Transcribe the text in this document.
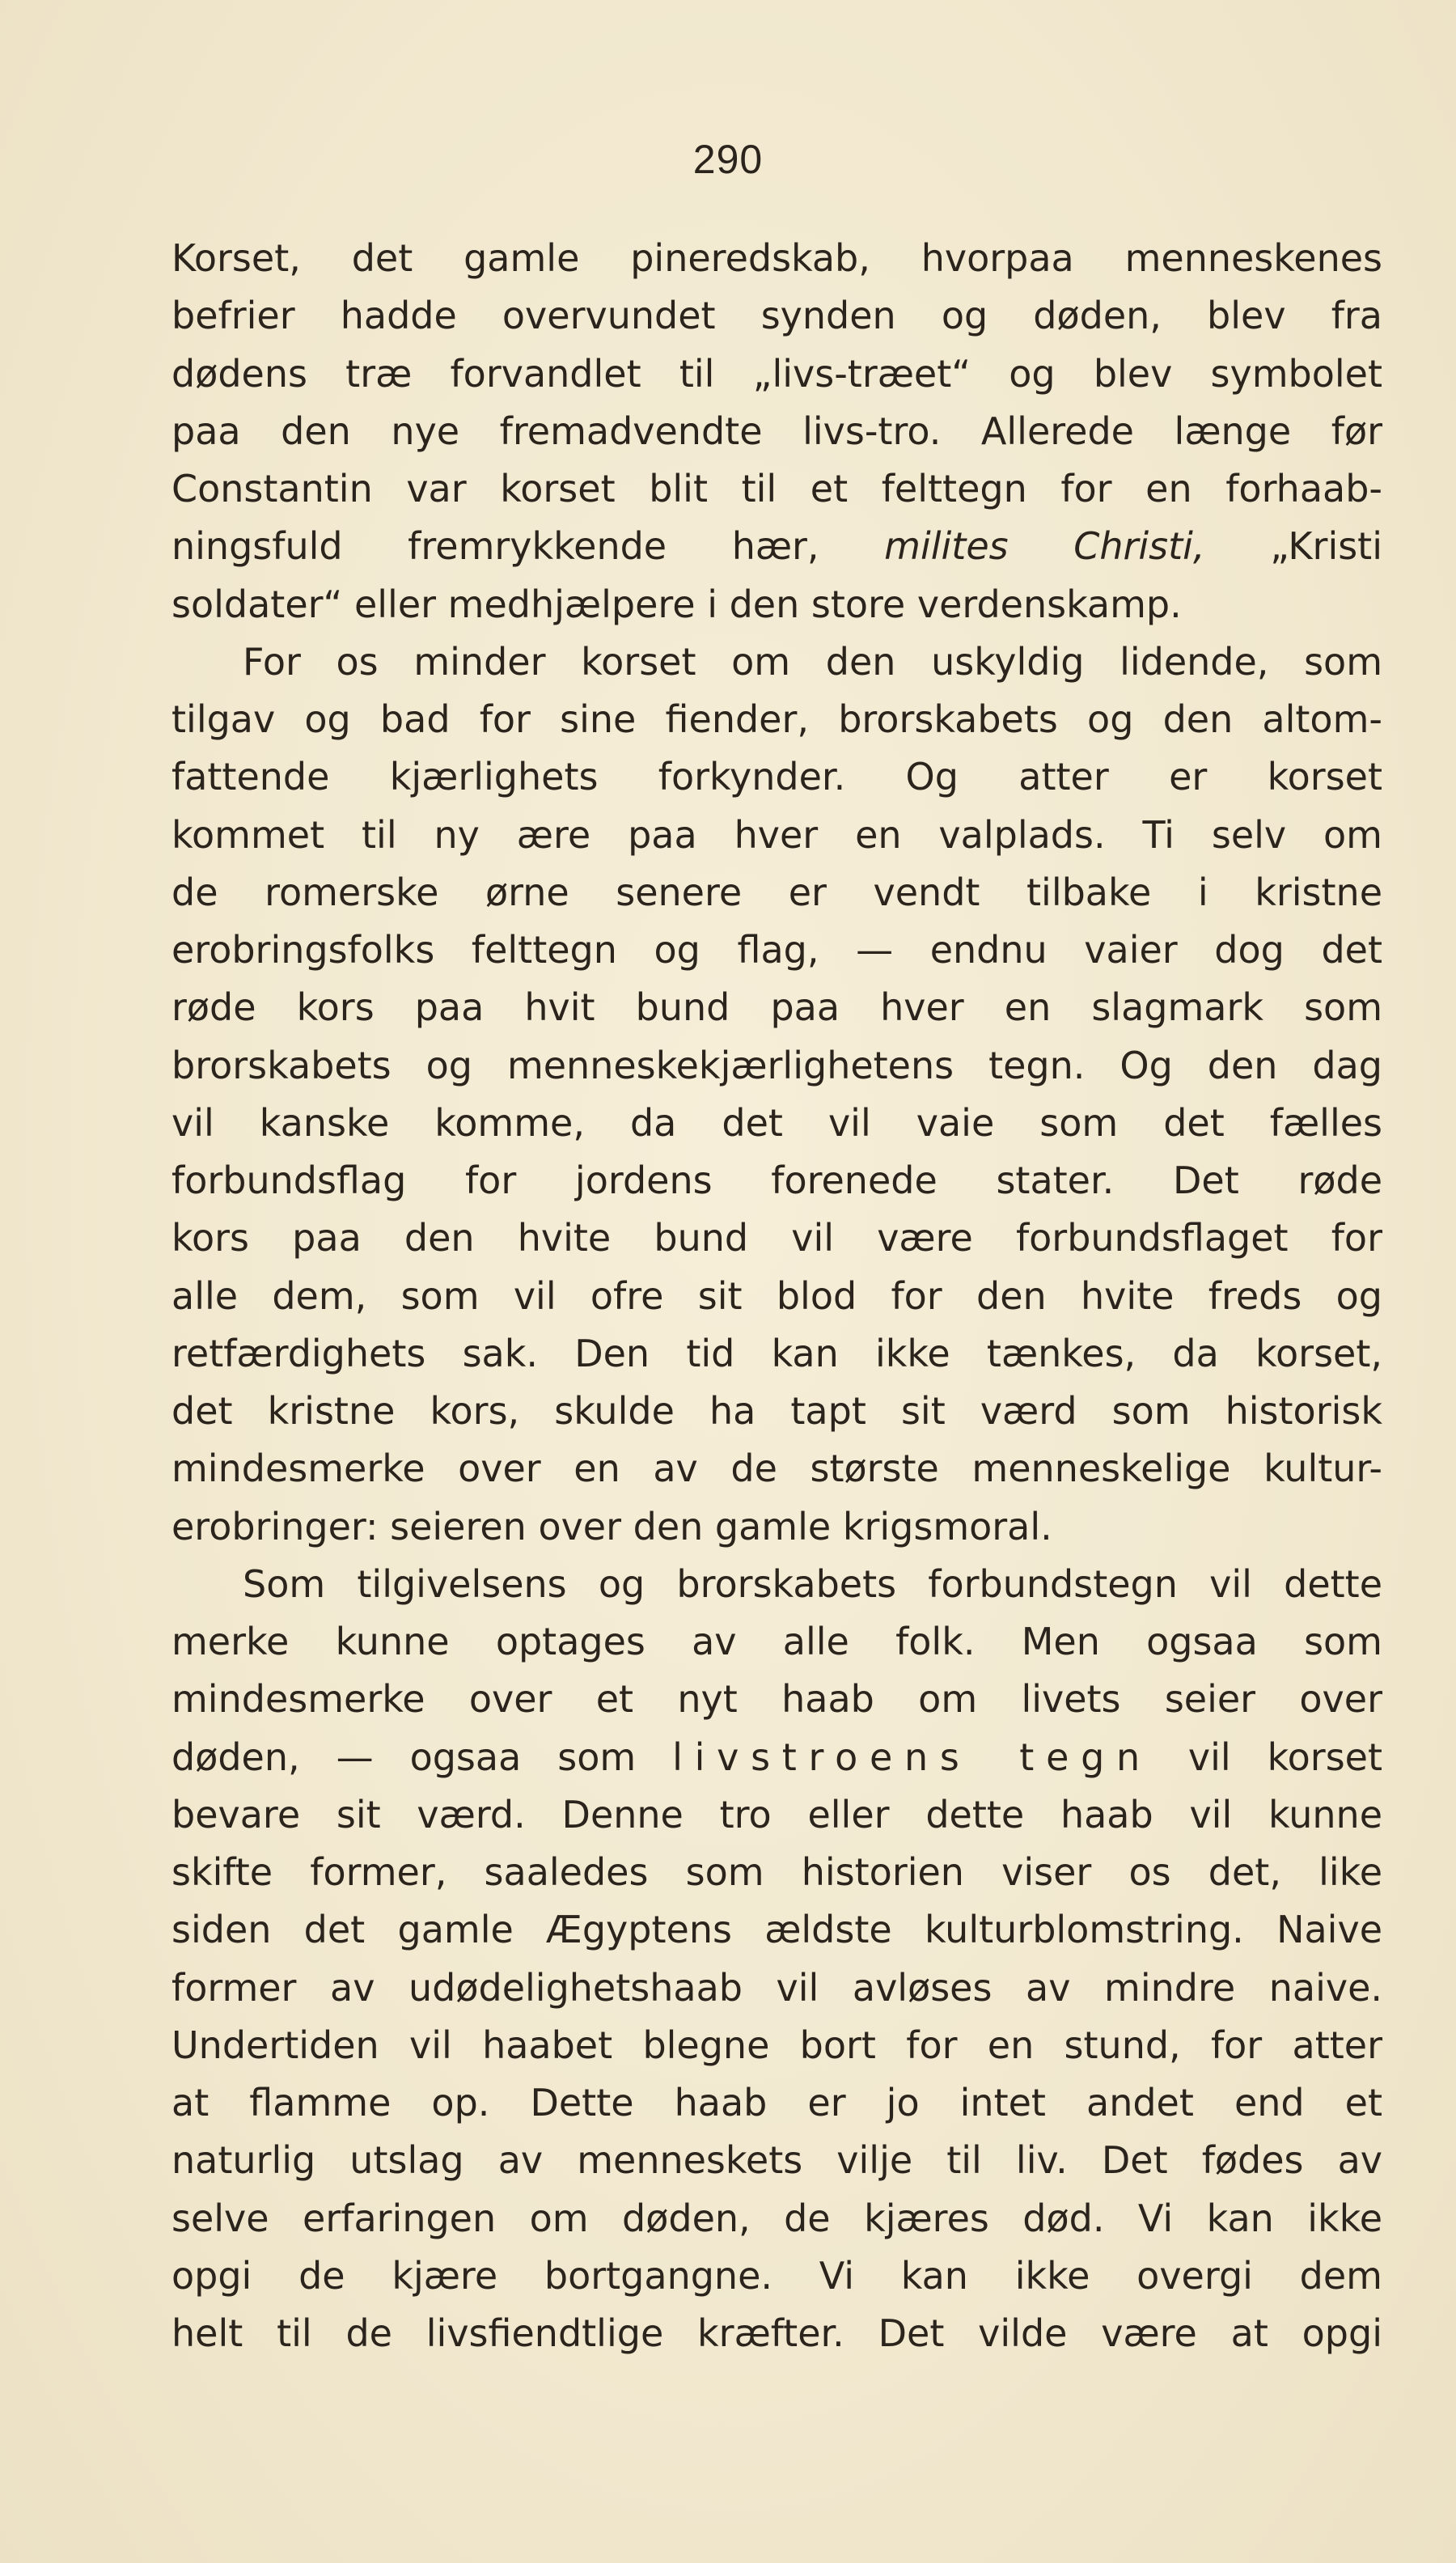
290
Korset, det gamle pineredskab, hvorpaa menneskenes
befrier hadde overvundet synden og døden, blev fra
dødens træ forvandlet til „livs-træet“ og blev symbolet
paa den nye fremadvendte livs-tro. Allerede længe før
Constantin var korset blit til et felttegn for en forhaab-
ningsfuld fremrykkende hær, milites Christi, „Kristi
soldater“ eller medhjælpere i den store verdenskamp.
For os minder korset om den uskyldig lidende, som
tilgav og bad for sine fiender, brorskabets og den altom-
fattende kjærlighets forkynder. Og atter er korset
kommet til ny ære paa hver en valplads. Ti selv om
de romerske ørne senere er vendt tilbake i kristne
erobringsfolks felttegn og flag, — endnu vaier dog det
røde kors paa hvit bund paa hver en slagmark som
brorskabets og menneskekjærlighetens tegn. Og den dag
vil kanske komme, da det vil vaie som det fælles
forbundsflag for jordens forenede stater. Det røde
kors paa den hvite bund vil være forbundsflaget for
alle dem, som vil ofre sit blod for den hvite freds og
retfærdighets sak. Den tid kan ikke tænkes, da korset,
det kristne kors, skulde ha tapt sit værd som historisk
mindesmerke over en av de største menneskelige kultur-
erobringer: seieren over den gamle krigsmoral.
Som tilgivelsens og brorskabets forbundstegn vil dette
merke kunne optages av alle folk. Men ogsaa som
mindesmerke over et nyt haab om livets seier over
døden, — ogsaa som livstroens tegn vil korset
bevare sit værd. Denne tro eller dette haab vil kunne
skifte former, saaledes som historien viser os det, like
siden det gamle Ægyptens ældste kulturblomstring. Naive
former av udødelighetshaab vil avløses av mindre naive.
Undertiden vil haabet blegne bort for en stund, for atter
at flamme op. Dette haab er jo intet andet end et
naturlig utslag av menneskets vilje til liv. Det fødes av
selve erfaringen om døden, de kjæres død. Vi kan ikke
opgi de kjære bortgangne. Vi kan ikke overgi dem
helt til de livsfiendtlige kræfter. Det vilde være at opgi
